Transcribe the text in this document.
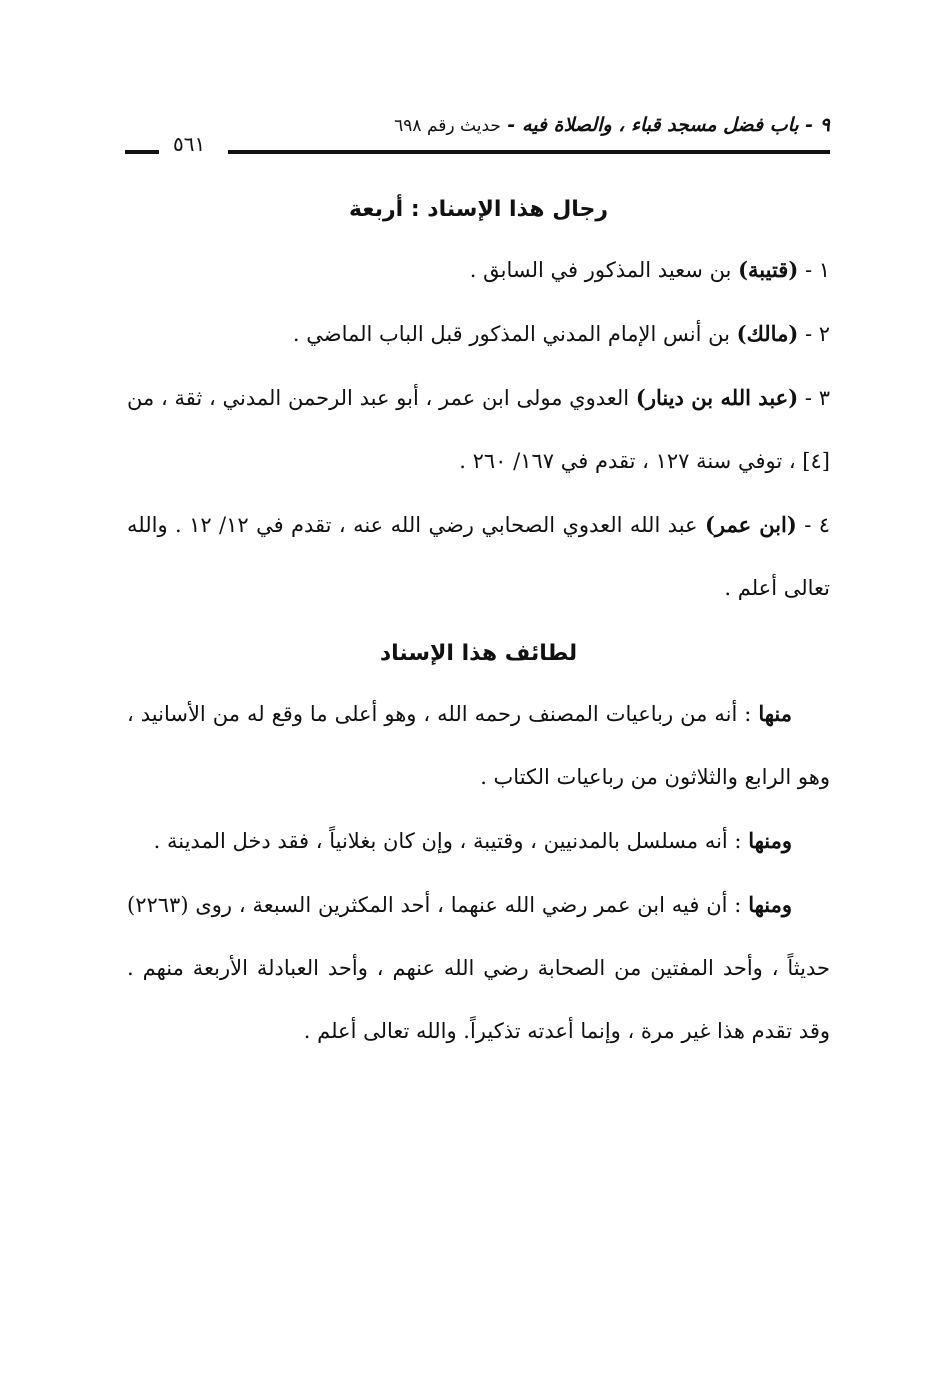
٩ - باب فضل مسجد قباء ، والصلاة فيه - حديث رقم ٦٩٨
٥٦١
رجال هذا الإسناد : أربعة

١ - (قتيبة) بن سعيد المذكور في السابق .

٢ - (مالك) بن أنس الإمام المدني المذكور قبل الباب الماضي .

٣ - (عبد الله بن دينار) العدوي مولى ابن عمر ، أبو عبد الرحمن المدني ، ثقة ، من [٤] ، توفي سنة ١٢٧ ، تقدم في ١٦٧/ ٢٦٠ .

٤ - (ابن عمر) عبد الله العدوي الصحابي رضي الله عنه ، تقدم في ١٢/ ١٢ . والله تعالى أعلم .

لطائف هذا الإسناد

منها : أنه من رباعيات المصنف رحمه الله ، وهو أعلى ما وقع له من الأسانيد ، وهو الرابع والثلاثون من رباعيات الكتاب .

ومنها : أنه مسلسل بالمدنيين ، وقتيبة ، وإن كان بغلانياً ، فقد دخل المدينة .

ومنها : أن فيه ابن عمر رضي الله عنهما ، أحد المكثرين السبعة ، روى (٢٢٦٣) حديثاً ، وأحد المفتين من الصحابة رضي الله عنهم ، وأحد العبادلة الأربعة منهم . وقد تقدم هذا غير مرة ، وإنما أعدته تذكيراً. والله تعالى أعلم .
